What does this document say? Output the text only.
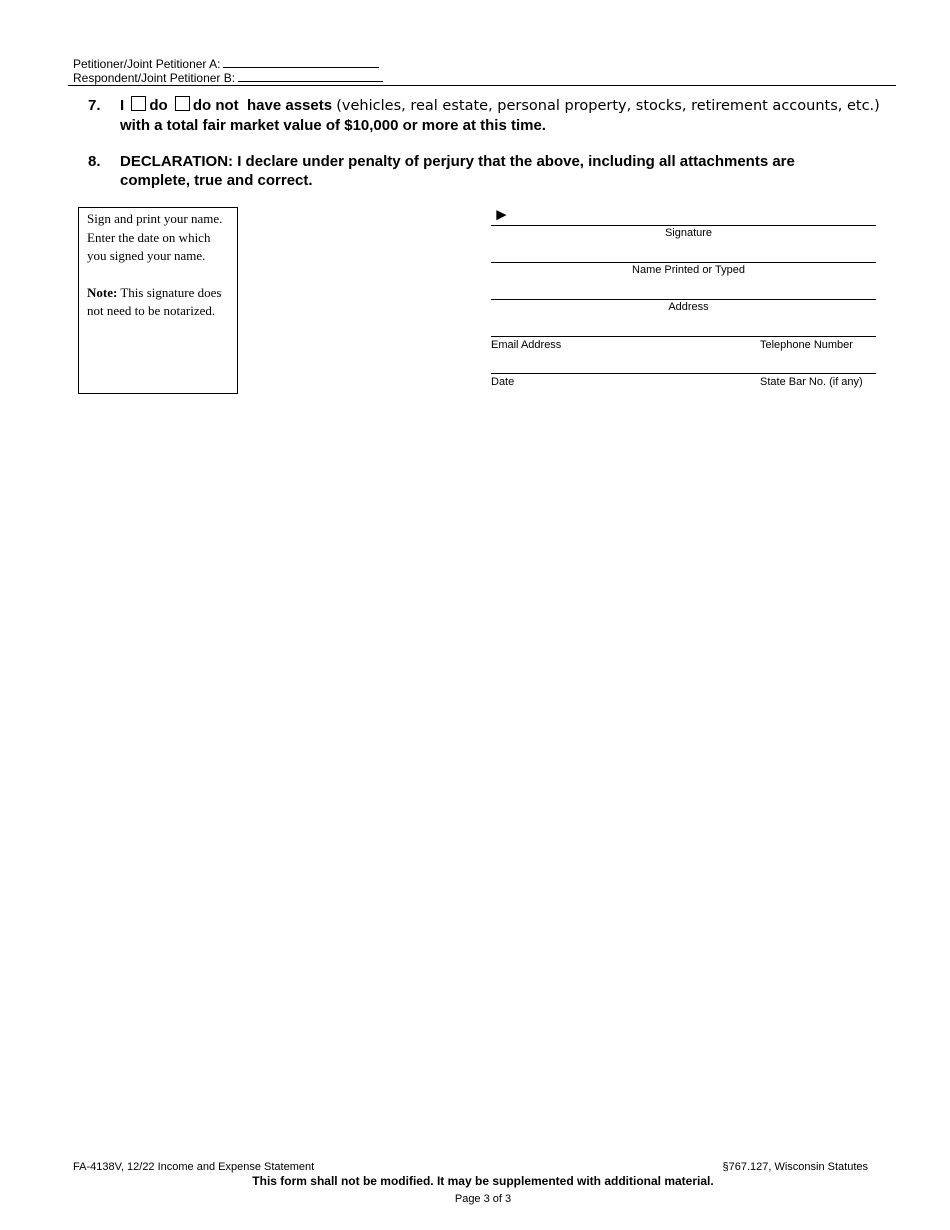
Petitioner/Joint Petitioner A:
Respondent/Joint Petitioner B:
7. I do do not have assets (vehicles, real estate, personal property, stocks, retirement accounts, etc.)
with a total fair market value of $10,000 or more at this time.
8. DECLARATION: I declare under penalty of perjury that the above, including all attachments are complete, true and correct.

Sign and print your name.

Enter the date on which you signed your name.

Note: This signature does not need to be notarized.

►
Signature
Name Printed or Typed
Address
Email Address	Telephone Number
Date	State Bar No. (if any)
FA-4138V, 12/22 Income and Expense Statement	§767.127, Wisconsin Statutes
This form shall not be modified. It may be supplemented with additional material.
Page 3 of 3
